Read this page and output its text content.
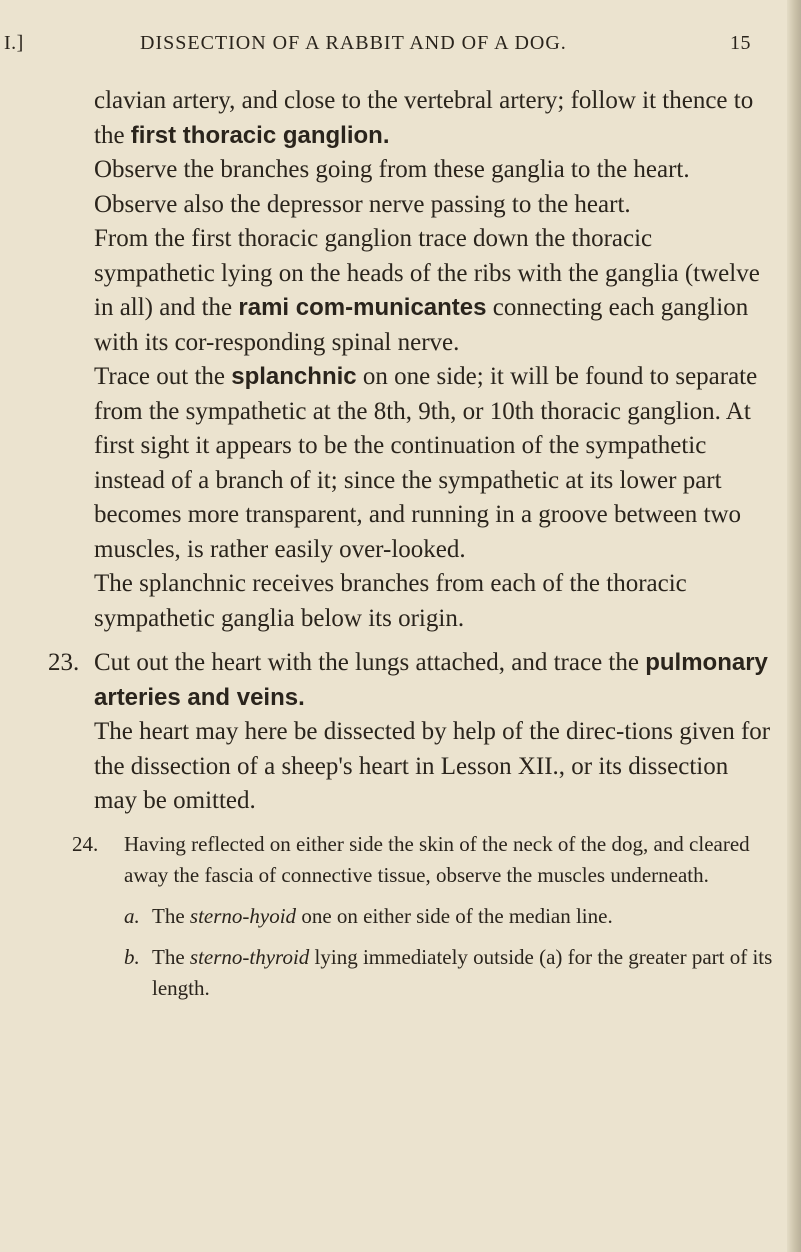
I.]	DISSECTION OF A RABBIT AND OF A DOG.	15

clavian artery, and close to the vertebral artery; follow it thence to the first thoracic ganglion.

Observe the branches going from these ganglia to the heart. Observe also the depressor nerve passing to the heart.

From the first thoracic ganglion trace down the thoracic sympathetic lying on the heads of the ribs with the ganglia (twelve in all) and the rami com-municantes connecting each ganglion with its cor-responding spinal nerve.

Trace out the splanchnic on one side; it will be found to separate from the sympathetic at the 8th, 9th, or 10th thoracic ganglion. At first sight it appears to be the continuation of the sympathetic instead of a branch of it; since the sympathetic at its lower part becomes more transparent, and running in a groove between two muscles, is rather easily over-looked.

The splanchnic receives branches from each of the thoracic sympathetic ganglia below its origin.

23. Cut out the heart with the lungs attached, and trace the pulmonary arteries and veins.

The heart may here be dissected by help of the direc-tions given for the dissection of a sheep's heart in Lesson XII., or its dissection may be omitted.

24. Having reflected on either side the skin of the neck of the dog, and cleared away the fascia of connective tissue, observe the muscles underneath.

a. The sterno-hyoid one on either side of the median line.

b. The sterno-thyroid lying immediately outside (a) for the greater part of its length.
